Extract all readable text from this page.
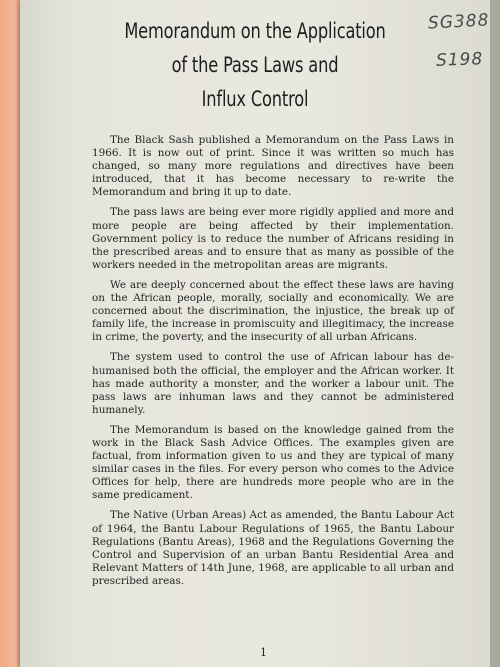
Memorandum on the Application
of the Pass Laws and
Influx Control
SG388
S198

The Black Sash published a Memorandum on the Pass Laws in 1966. It is now out of print. Since it was written so much has changed, so many more regulations and directives have been introduced, that it has become necessary to re-write the Memorandum and bring it up to date.

The pass laws are being ever more rigidly applied and more and more people are being affected by their implementation. Government policy is to reduce the number of Africans residing in the prescribed areas and to ensure that as many as possible of the workers needed in the metropolitan areas are migrants.

We are deeply concerned about the effect these laws are having on the African people, morally, socially and economically. We are concerned about the discrimination, the injustice, the break up of family life, the increase in promiscuity and illegitimacy, the increase in crime, the poverty, and the insecurity of all urban Africans.

The system used to control the use of African labour has de-humanised both the official, the employer and the African worker. It has made authority a monster, and the worker a labour unit. The pass laws are inhuman laws and they cannot be administered humanely.

The Memorandum is based on the knowledge gained from the work in the Black Sash Advice Offices. The examples given are factual, from information given to us and they are typical of many similar cases in the files. For every person who comes to the Advice Offices for help, there are hundreds more people who are in the same predicament.

The Native (Urban Areas) Act as amended, the Bantu Labour Act of 1964, the Bantu Labour Regulations of 1965, the Bantu Labour Regulations (Bantu Areas), 1968 and the Regulations Governing the Control and Supervision of an urban Bantu Residential Area and Relevant Matters of 14th June, 1968, are applicable to all urban and prescribed areas.

1
